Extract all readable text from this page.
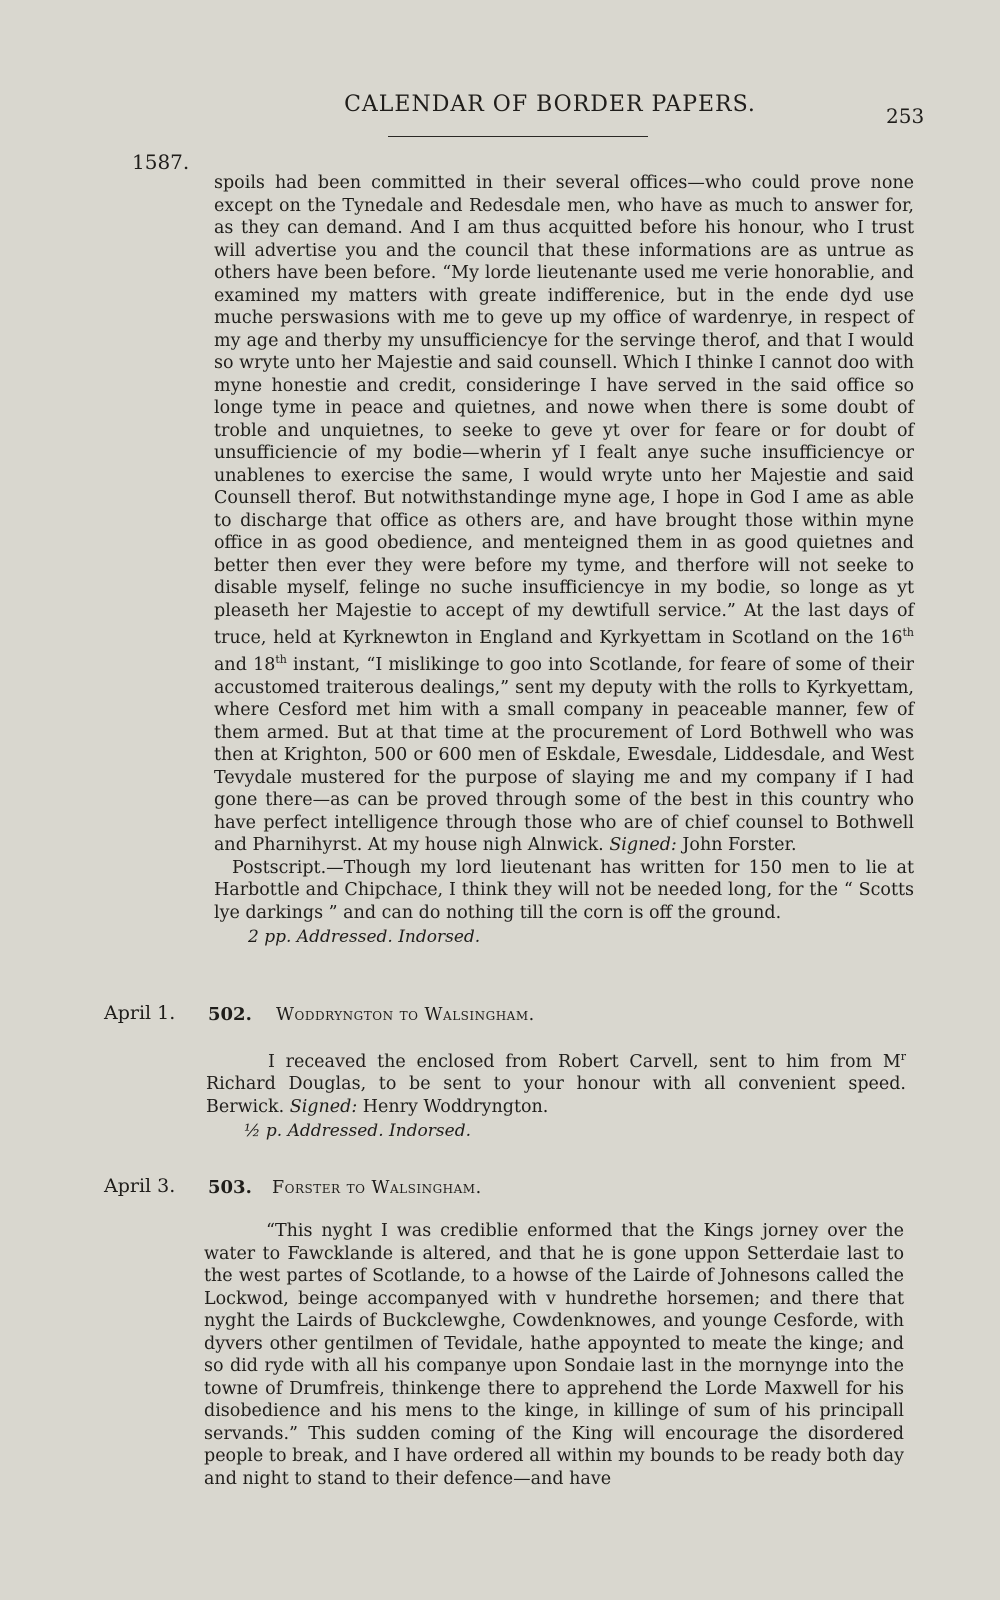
CALENDAR OF BORDER PAPERS.	253
1587.

spoils had been committed in their several offices—who could prove none except on the Tynedale and Redesdale men, who have as much to answer for, as they can demand. And I am thus acquitted before his honour, who I trust will advertise you and the council that these informations are as untrue as others have been before. “My lorde lieutenante used me verie honorablie, and examined my matters with greate indifferenice, but in the ende dyd use muche perswasions with me to geve up my office of wardenrye, in respect of my age and therby my unsufficiencye for the servinge therof, and that I would so wryte unto her Majestie and said counsell. Which I thinke I cannot doo with myne honestie and credit, consideringe I have served in the said office so longe tyme in peace and quietnes, and nowe when there is some doubt of troble and unquietnes, to seeke to geve yt over for feare or for doubt of unsufficiencie of my bodie—wherin yf I fealt anye suche insufficiencye or unablenes to exercise the same, I would wryte unto her Majestie and said Counsell therof. But notwithstandinge myne age, I hope in God I ame as able to discharge that office as others are, and have brought those within myne office in as good obedience, and menteigned them in as good quietnes and better then ever they were before my tyme, and therfore will not seeke to disable myself, felinge no suche insufficiencye in my bodie, so longe as yt pleaseth her Majestie to accept of my dewtifull service.” At the last days of truce, held at Kyrknewton in England and Kyrkyettam in Scotland on the 16th and 18th instant, “I mislikinge to goo into Scotlande, for feare of some of their accustomed traiterous dealings,” sent my deputy with the rolls to Kyrkyettam, where Cesford met him with a small company in peaceable manner, few of them armed. But at that time at the procurement of Lord Bothwell who was then at Krighton, 500 or 600 men of Eskdale, Ewesdale, Liddesdale, and West Tevydale mustered for the purpose of slaying me and my company if I had gone there—as can be proved through some of the best in this country who have perfect intelligence through those who are of chief counsel to Bothwell and Pharnihyrst. At my house nigh Alnwick. Signed: John Forster.

Postscript.—Though my lord lieutenant has written for 150 men to lie at Harbottle and Chipchace, I think they will not be needed long, for the “ Scotts lye darkings ” and can do nothing till the corn is off the ground.

2 pp. Addressed. Indorsed.

April 1. 502. Woddryngton to Walsingham.

I receaved the enclosed from Robert Carvell, sent to him from $M^r$ Richard Douglas, to be sent to your honour with all convenient speed. Berwick. Signed: Henry Woddryngton.

½ p. Addressed. Indorsed.

April 3. 503. Forster to Walsingham.

“This nyght I was crediblie enformed that the Kings jorney over the water to Fawcklande is altered, and that he is gone uppon Setterdaie last to the west partes of Scotlande, to a howse of the Lairde of Johnesons called the Lockwod, beinge accompanyed with v hundrethe horsemen; and there that nyght the Lairds of Buckclewghe, Cowdenknowes, and younge Cesforde, with dyvers other gentilmen of Tevidale, hathe appoynted to meate the kinge; and so did ryde with all his companye upon Sondaie last in the mornynge into the towne of Drumfreis, thinkenge there to apprehend the Lorde Maxwell for his disobedience and his mens to the kinge, in killinge of sum of his principall servands.” This sudden coming of the King will encourage the disordered people to break, and I have ordered all within my bounds to be ready both day and night to stand to their defence—and have
